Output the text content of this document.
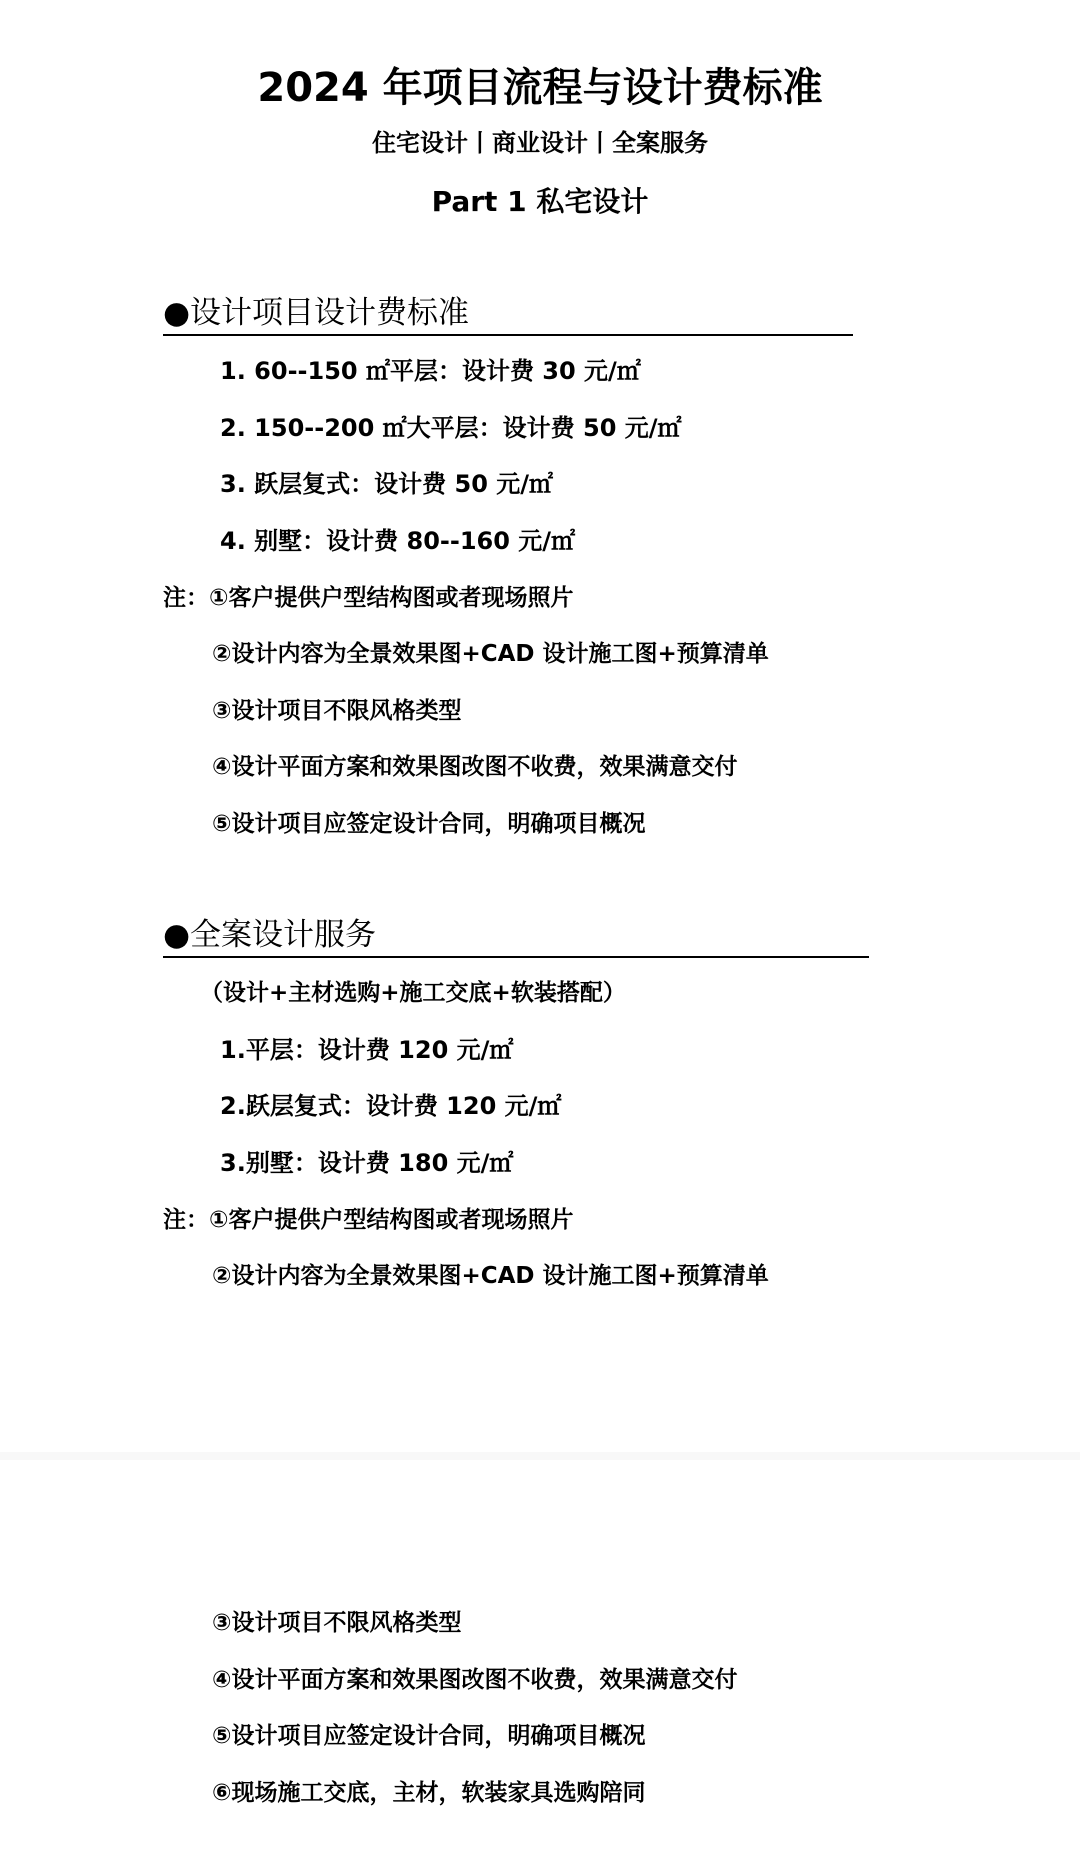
2024 年项目流程与设计费标准
住宅设计丨商业设计丨全案服务
Part 1 私宅设计
●设计项目设计费标准
1. 60--150 ㎡平层：设计费 30 元/㎡
2. 150--200 ㎡大平层：设计费 50 元/㎡
3. 跃层复式：设计费 50 元/㎡
4. 别墅：设计费 80--160 元/㎡
注：①客户提供户型结构图或者现场照片
②设计内容为全景效果图+CAD 设计施工图+预算清单
③设计项目不限风格类型
④设计平面方案和效果图改图不收费，效果满意交付
⑤设计项目应签定设计合同，明确项目概况
●全案设计服务
（设计+主材选购+施工交底+软装搭配）
1.平层：设计费 120 元/㎡
2.跃层复式：设计费 120 元/㎡
3.别墅：设计费 180 元/㎡
注：①客户提供户型结构图或者现场照片
②设计内容为全景效果图+CAD 设计施工图+预算清单
③设计项目不限风格类型
④设计平面方案和效果图改图不收费，效果满意交付
⑤设计项目应签定设计合同，明确项目概况
⑥现场施工交底，主材，软装家具选购陪同
